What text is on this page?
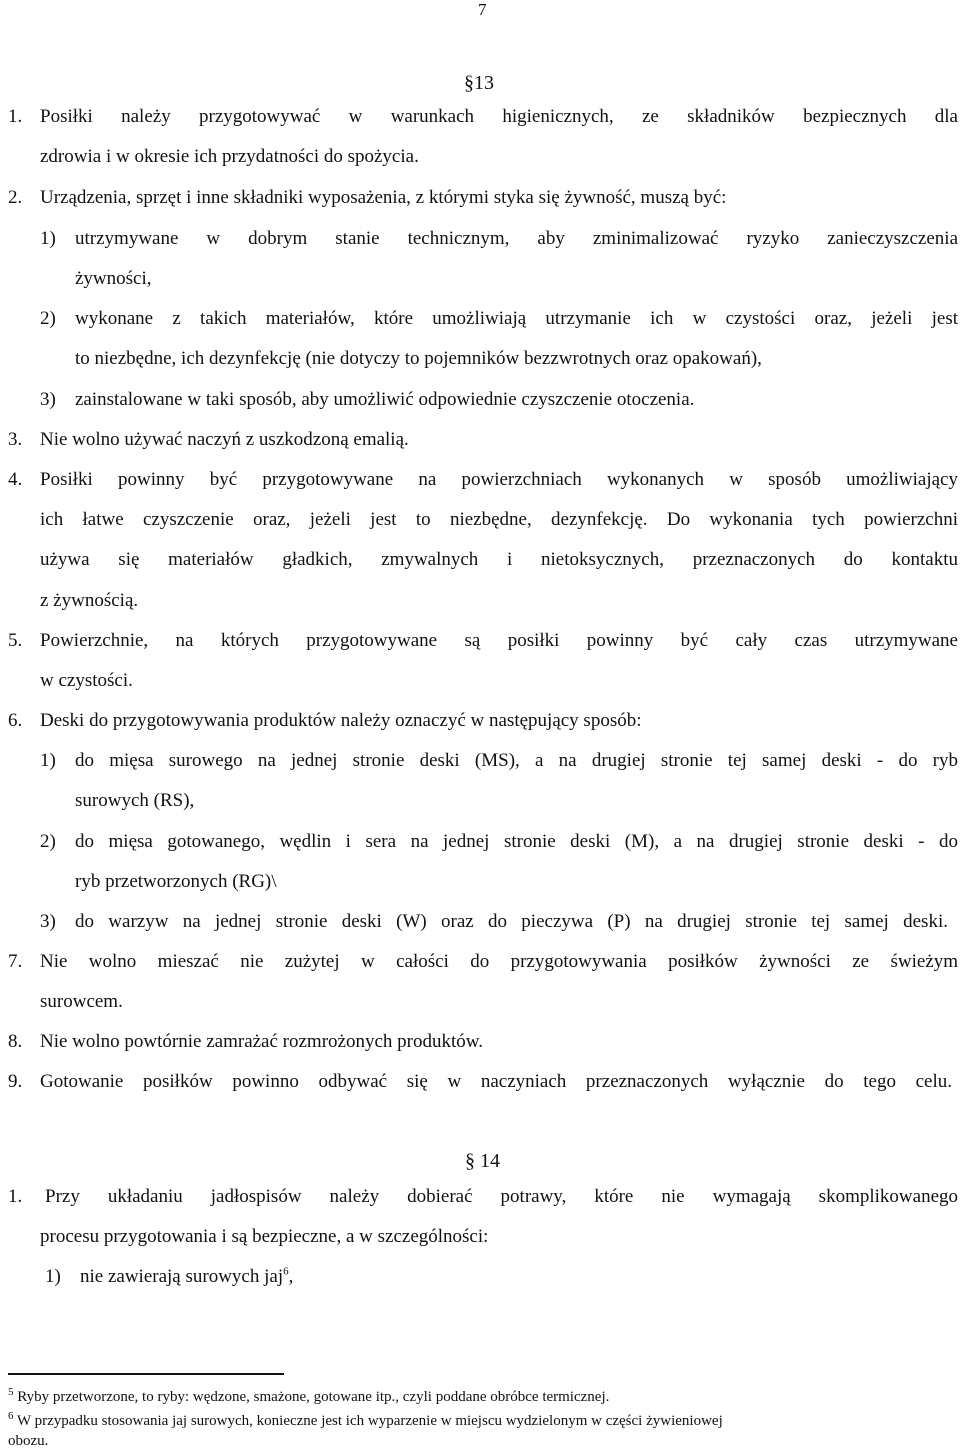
7
§13
1. Posiłki należy przygotowywać w warunkach higienicznych, ze składników bezpiecznych dla
zdrowia i w okresie ich przydatności do spożycia.
2. Urządzenia, sprzęt i inne składniki wyposażenia, z którymi styka się żywność, muszą być:
1) utrzymywane w dobrym stanie technicznym, aby zminimalizować ryzyko zanieczyszczenia
żywności,
2) wykonane z takich materiałów, które umożliwiają utrzymanie ich w czystości oraz, jeżeli jest
to niezbędne, ich dezynfekcję (nie dotyczy to pojemników bezzwrotnych oraz opakowań),
3) zainstalowane w taki sposób, aby umożliwić odpowiednie czyszczenie otoczenia.
3. Nie wolno używać naczyń z uszkodzoną emalią.
4. Posiłki powinny być przygotowywane na powierzchniach wykonanych w sposób umożliwiający
ich łatwe czyszczenie oraz, jeżeli jest to niezbędne, dezynfekcję. Do wykonania tych powierzchni
używa się materiałów gładkich, zmywalnych i nietoksycznych, przeznaczonych do kontaktu
z żywnością.
5. Powierzchnie, na których przygotowywane są posiłki powinny być cały czas utrzymywane
w czystości.
6. Deski do przygotowywania produktów należy oznaczyć w następujący sposób:
1) do mięsa surowego na jednej stronie deski (MS), a na drugiej stronie tej samej deski - do ryb
surowych (RS),
2) do mięsa gotowanego, wędlin i sera na jednej stronie deski (M), a na drugiej stronie deski - do
ryb przetworzonych (RG)\
3) do warzyw na jednej stronie deski (W) oraz do pieczywa (P) na drugiej stronie tej samej deski.
7. Nie wolno mieszać nie zużytej w całości do przygotowywania posiłków żywności ze świeżym
surowcem.
8. Nie wolno powtórnie zamrażać rozmrożonych produktów.
9. Gotowanie posiłków powinno odbywać się w naczyniach przeznaczonych wyłącznie do tego celu.
§ 14
1. Przy układaniu jadłospisów należy dobierać potrawy, które nie wymagają skomplikowanego
procesu przygotowania i są bezpieczne, a w szczególności:
1) nie zawierają surowych jaj$^6$,
$^5$ Ryby przetworzone, to ryby: wędzone, smażone, gotowane itp., czyli poddane obróbce termicznej.
$^6$ W przypadku stosowania jaj surowych, konieczne jest ich wyparzenie w miejscu wydzielonym w części żywieniowej
obozu.
